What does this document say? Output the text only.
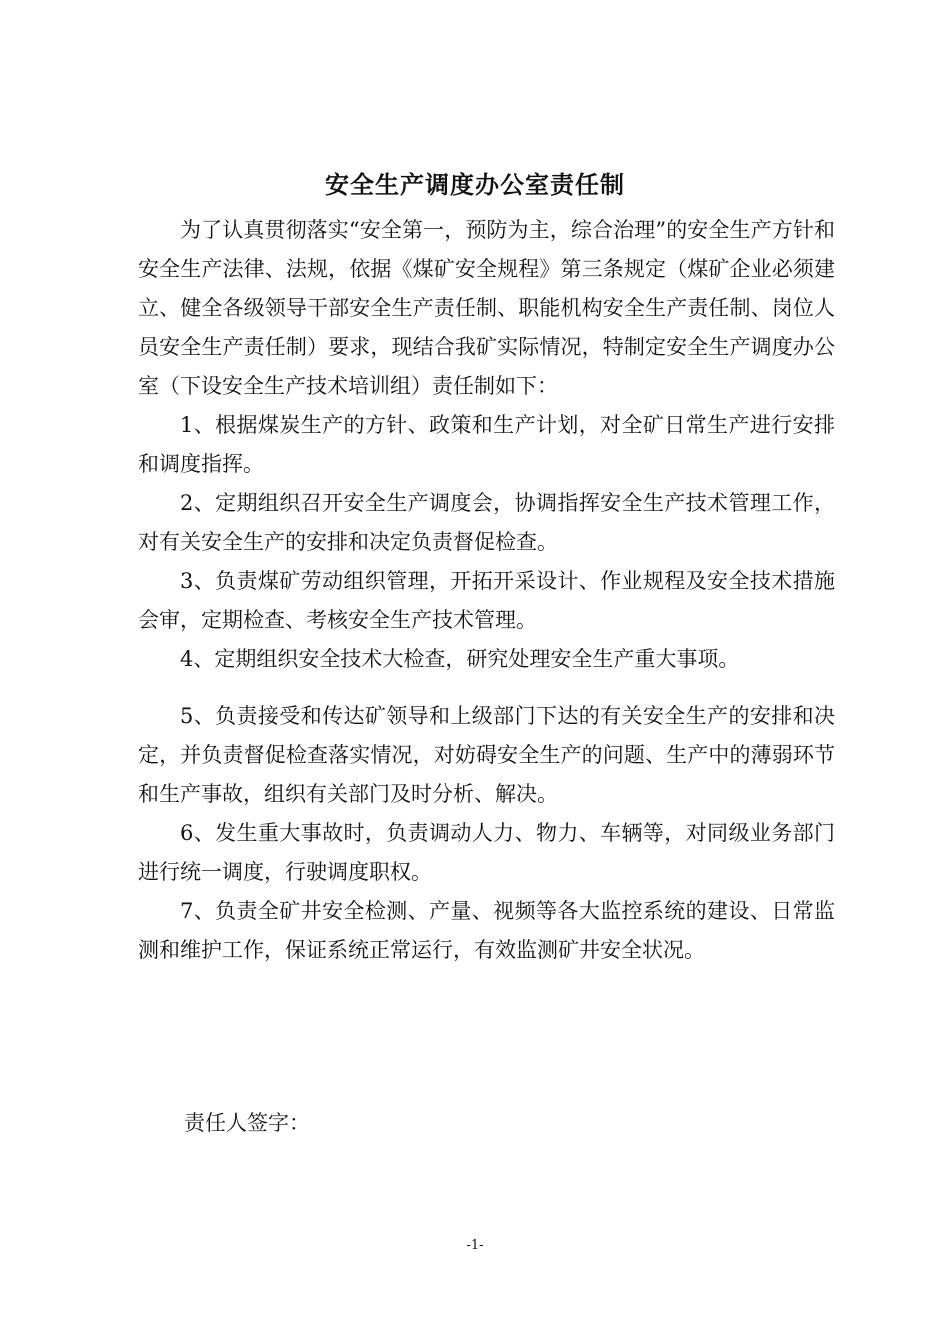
安全生产调度办公室责任制

为了认真贯彻落实“安全第一，预防为主，综合治理”的安全生产方针和安全生产法律、法规，依据《煤矿安全规程》第三条规定（煤矿企业必须建立、健全各级领导干部安全生产责任制、职能机构安全生产责任制、岗位人员安全生产责任制）要求，现结合我矿实际情况，特制定安全生产调度办公室（下设安全生产技术培训组）责任制如下：

1、根据煤炭生产的方针、政策和生产计划，对全矿日常生产进行安排和调度指挥。

2、定期组织召开安全生产调度会，协调指挥安全生产技术管理工作，对有关安全生产的安排和决定负责督促检查。

3、负责煤矿劳动组织管理，开拓开采设计、作业规程及安全技术措施会审，定期检查、考核安全生产技术管理。

4、定期组织安全技术大检查，研究处理安全生产重大事项。

5、负责接受和传达矿领导和上级部门下达的有关安全生产的安排和决定，并负责督促检查落实情况，对妨碍安全生产的问题、生产中的薄弱环节和生产事故，组织有关部门及时分析、解决。

6、发生重大事故时，负责调动人力、物力、车辆等，对同级业务部门进行统一调度，行驶调度职权。

7、负责全矿井安全检测、产量、视频等各大监控系统的建设、日常监测和维护工作，保证系统正常运行，有效监测矿井安全状况。

责任人签字：
-1-
